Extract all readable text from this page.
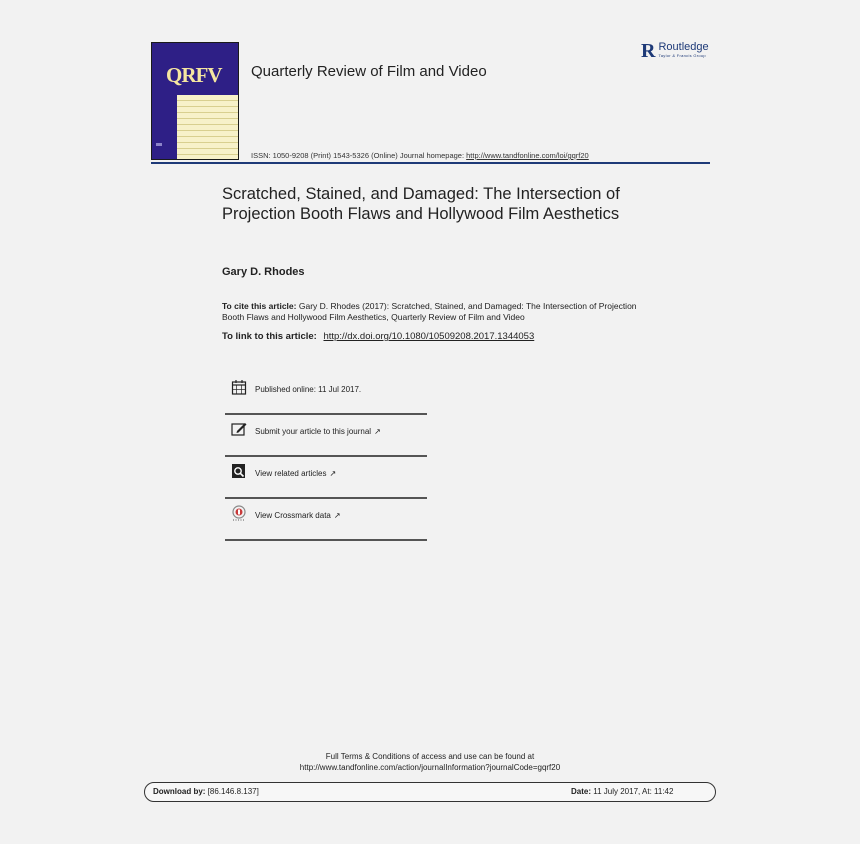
QRFV Quarterly Review of Film and Video
R Routledge
Taylor & Francis Group
ISSN: 1050-9208 (Print) 1543-5326 (Online) Journal homepage: http://www.tandfonline.com/loi/gqrf20
Scratched, Stained, and Damaged: The Intersection of Projection Booth Flaws and Hollywood Film Aesthetics
Gary D. Rhodes
To cite this article: Gary D. Rhodes (2017): Scratched, Stained, and Damaged: The Intersection of Projection Booth Flaws and Hollywood Film Aesthetics, Quarterly Review of Film and Video
To link to this article: http://dx.doi.org/10.1080/10509208.2017.1344053
Published online: 11 Jul 2017.
Submit your article to this journal ↗
View related articles ↗
View Crossmark data ↗
Full Terms & Conditions of access and use can be found at
http://www.tandfonline.com/action/journalInformation?journalCode=gqrf20
Download by: [86.146.8.137]	Date: 11 July 2017, At: 11:42
